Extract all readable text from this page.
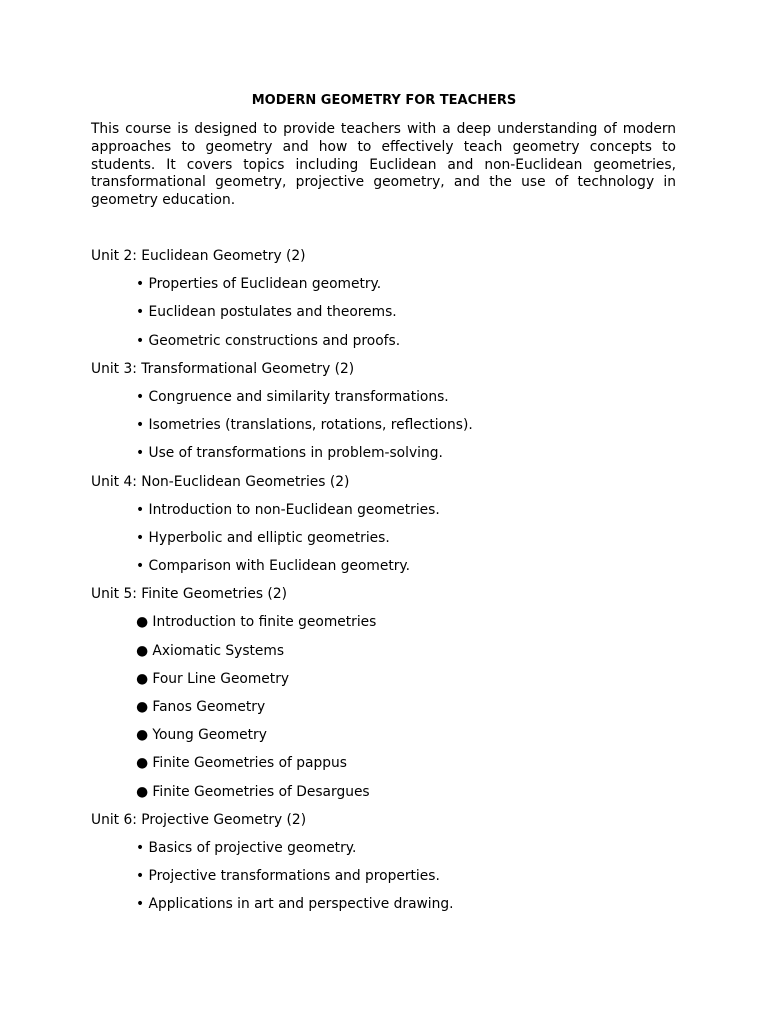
MODERN GEOMETRY FOR TEACHERS

This course is designed to provide teachers with a deep understanding of modern approaches to geometry and how to effectively teach geometry concepts to students. It covers topics including Euclidean and non-Euclidean geometries, transformational geometry, projective geometry, and the use of technology in geometry education.

Unit 2: Euclidean Geometry (2)
• Properties of Euclidean geometry.
• Euclidean postulates and theorems.
• Geometric constructions and proofs.
Unit 3: Transformational Geometry (2)
• Congruence and similarity transformations.
• Isometries (translations, rotations, reflections).
• Use of transformations in problem-solving.
Unit 4: Non-Euclidean Geometries (2)
• Introduction to non-Euclidean geometries.
• Hyperbolic and elliptic geometries.
• Comparison with Euclidean geometry.
Unit 5: Finite Geometries (2)
● Introduction to finite geometries
● Axiomatic Systems
● Four Line Geometry
● Fanos Geometry
● Young Geometry
● Finite Geometries of pappus
● Finite Geometries of Desargues
Unit 6: Projective Geometry (2)
• Basics of projective geometry.
• Projective transformations and properties.
• Applications in art and perspective drawing.
